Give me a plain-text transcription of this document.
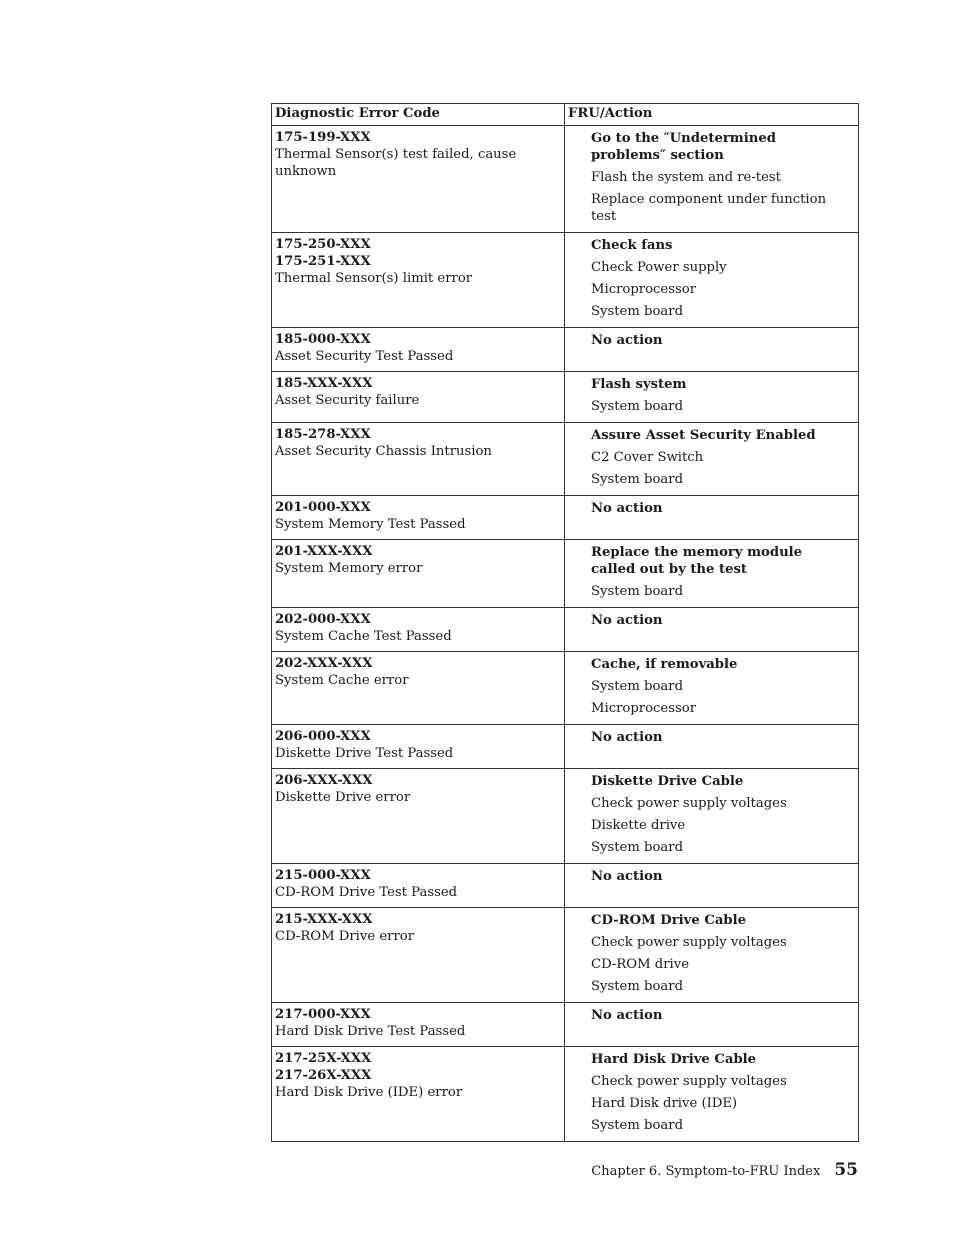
Diagnostic Error Code	FRU/Action

175-199-XXX
Thermal Sensor(s) test failed, cause unknown	Go to the ″Undetermined problems″ section
Flash the system and re-test
Replace component under function test

175-250-XXX
175-251-XXX
Thermal Sensor(s) limit error	Check fans
Check Power supply
Microprocessor
System board

185-000-XXX
Asset Security Test Passed	No action

185-XXX-XXX
Asset Security failure	Flash system
System board

185-278-XXX
Asset Security Chassis Intrusion	Assure Asset Security Enabled
C2 Cover Switch
System board

201-000-XXX
System Memory Test Passed	No action

201-XXX-XXX
System Memory error	Replace the memory module called out by the test
System board

202-000-XXX
System Cache Test Passed	No action

202-XXX-XXX
System Cache error	Cache, if removable
System board
Microprocessor

206-000-XXX
Diskette Drive Test Passed	No action

206-XXX-XXX
Diskette Drive error	Diskette Drive Cable
Check power supply voltages
Diskette drive
System board

215-000-XXX
CD-ROM Drive Test Passed	No action

215-XXX-XXX
CD-ROM Drive error	CD-ROM Drive Cable
Check power supply voltages
CD-ROM drive
System board

217-000-XXX
Hard Disk Drive Test Passed	No action

217-25X-XXX
217-26X-XXX
Hard Disk Drive (IDE) error	Hard Disk Drive Cable
Check power supply voltages
Hard Disk drive (IDE)
System board
Chapter 6. Symptom-to-FRU Index 55
